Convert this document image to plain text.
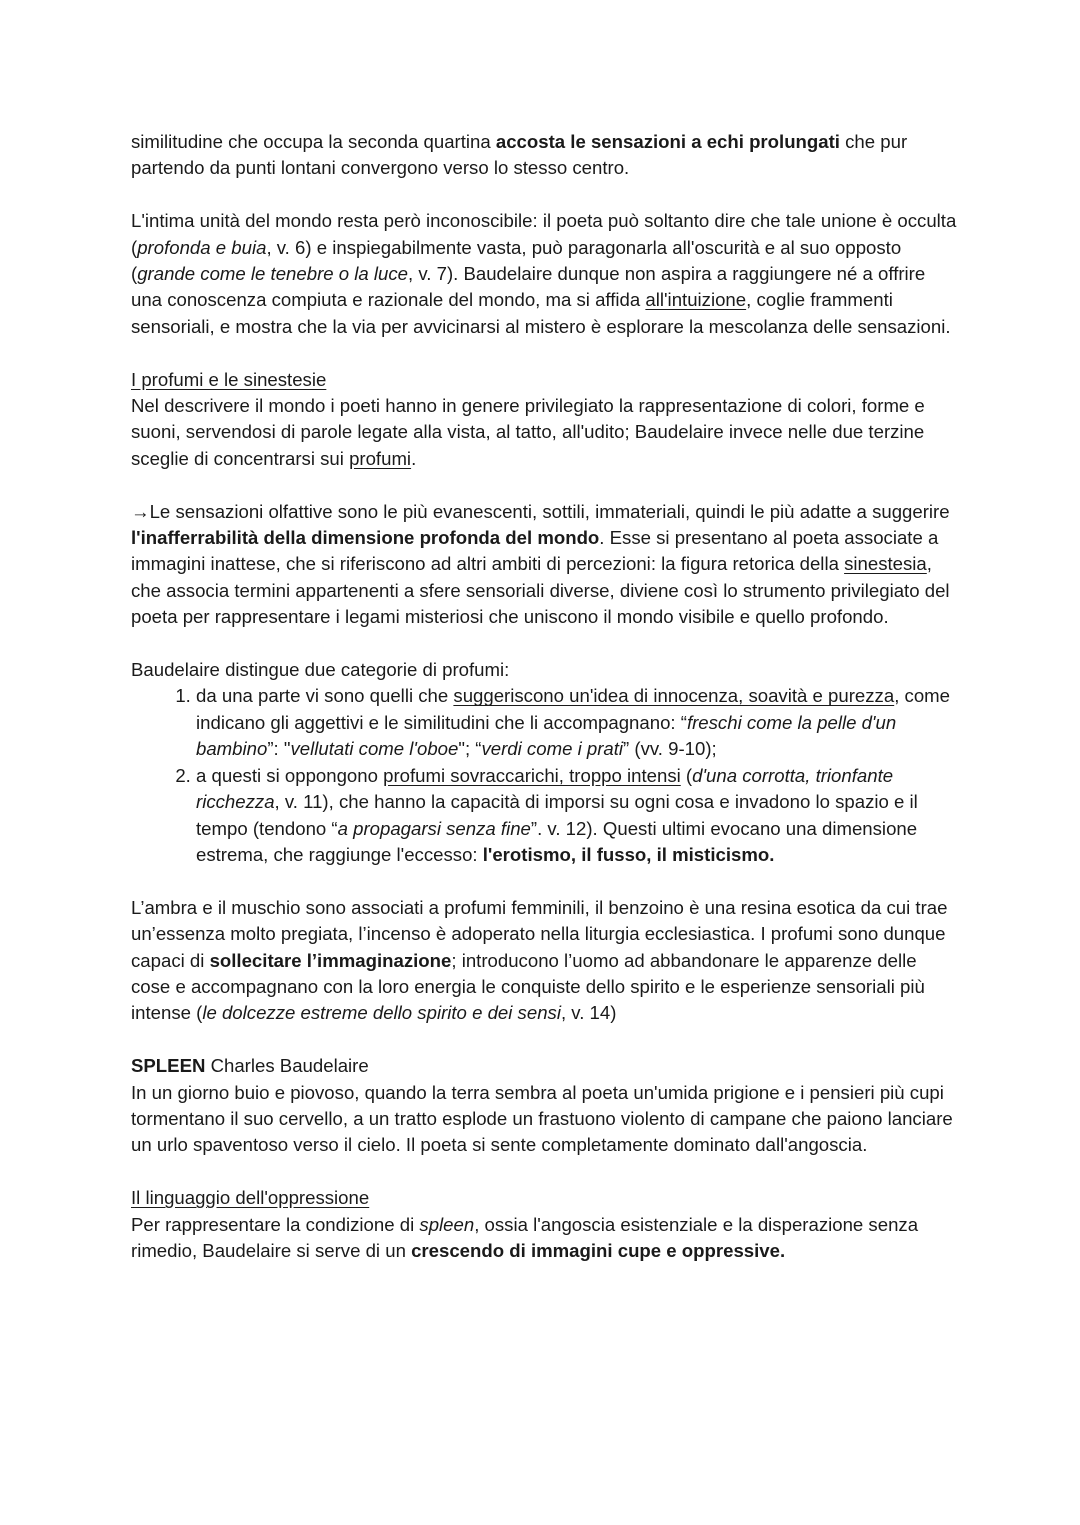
similitudine che occupa la seconda quartina accosta le sensazioni a echi prolungati che pur partendo da punti lontani convergono verso lo stesso centro.

L'intima unità del mondo resta però inconoscibile: il poeta può soltanto dire che tale unione è occulta (profonda e buia, v. 6) e inspiegabilmente vasta, può paragonarla all'oscurità e al suo opposto (grande come le tenebre o la luce, v. 7). Baudelaire dunque non aspira a raggiungere né a offrire una conoscenza compiuta e razionale del mondo, ma si affida all'intuizione, coglie frammenti sensoriali, e mostra che la via per avvicinarsi al mistero è esplorare la mescolanza delle sensazioni.

I profumi e le sinestesie

Nel descrivere il mondo i poeti hanno in genere privilegiato la rappresentazione di colori, forme e suoni, servendosi di parole legate alla vista, al tatto, all'udito; Baudelaire invece nelle due terzine sceglie di concentrarsi sui profumi.

→Le sensazioni olfattive sono le più evanescenti, sottili, immateriali, quindi le più adatte a suggerire l'inafferrabilità della dimensione profonda del mondo. Esse si presentano al poeta associate a immagini inattese, che si riferiscono ad altri ambiti di percezioni: la figura retorica della sinestesia, che associa termini appartenenti a sfere sensoriali diverse, diviene così lo strumento privilegiato del poeta per rappresentare i legami misteriosi che uniscono il mondo visibile e quello profondo.

Baudelaire distingue due categorie di profumi:

1. da una parte vi sono quelli che suggeriscono un'idea di innocenza, soavità e purezza, come indicano gli aggettivi e le similitudini che li accompagnano: “freschi come la pelle d'un bambino”: "vellutati come l'oboe"; “verdi come i prati” (vv. 9-10);
2. a questi si oppongono profumi sovraccarichi, troppo intensi (d'una corrotta, trionfante ricchezza, v. 11), che hanno la capacità di imporsi su ogni cosa e invadono lo spazio e il tempo (tendono “a propagarsi senza fine”. v. 12). Questi ultimi evocano una dimensione estrema, che raggiunge l'eccesso: l'erotismo, il fusso, il misticismo.

L’ambra e il muschio sono associati a profumi femminili, il benzoino è una resina esotica da cui trae un’essenza molto pregiata, l’incenso è adoperato nella liturgia ecclesiastica. I profumi sono dunque capaci di sollecitare l’immaginazione; introducono l’uomo ad abbandonare le apparenze delle cose e accompagnano con la loro energia le conquiste dello spirito e le esperienze sensoriali più intense (le dolcezze estreme dello spirito e dei sensi, v. 14)

SPLEEN Charles Baudelaire

In un giorno buio e piovoso, quando la terra sembra al poeta un'umida prigione e i pensieri più cupi tormentano il suo cervello, a un tratto esplode un frastuono violento di campane che paiono lanciare un urlo spaventoso verso il cielo. Il poeta si sente completamente dominato dall'angoscia.

Il linguaggio dell'oppressione

Per rappresentare la condizione di spleen, ossia l'angoscia esistenziale e la disperazione senza rimedio, Baudelaire si serve di un crescendo di immagini cupe e oppressive.
